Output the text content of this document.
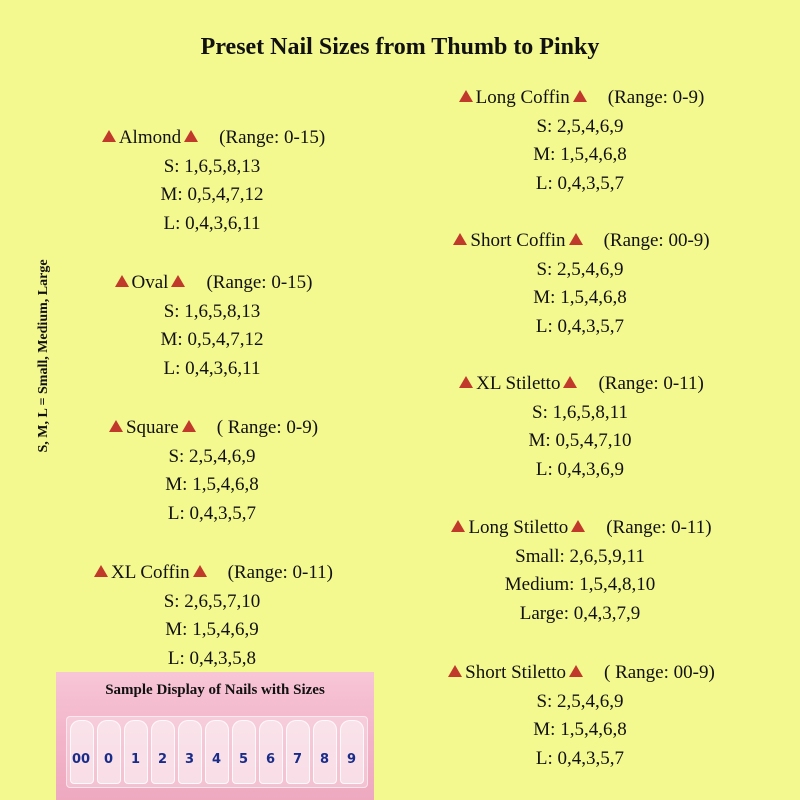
Preset Nail Sizes from Thumb to Pinky
S, M, L = Small, Medium, Large
Almond (Range: 0-15)
S: 1,6,5,8,13
M: 0,5,4,7,12
L: 0,4,3,6,11
Oval (Range: 0-15)
S: 1,6,5,8,13
M: 0,5,4,7,12
L: 0,4,3,6,11
Square ( Range: 0-9)
S: 2,5,4,6,9
M: 1,5,4,6,8
L: 0,4,3,5,7
XL Coffin (Range: 0-11)
S: 2,6,5,7,10
M: 1,5,4,6,9
L: 0,4,3,5,8
Long Coffin (Range: 0-9)
S: 2,5,4,6,9
M: 1,5,4,6,8
L: 0,4,3,5,7
Short Coffin (Range: 00-9)
S: 2,5,4,6,9
M: 1,5,4,6,8
L: 0,4,3,5,7
XL Stiletto (Range: 0-11)
S: 1,6,5,8,11
M: 0,5,4,7,10
L: 0,4,3,6,9
Long Stiletto (Range: 0-11)
Small: 2,6,5,9,11
Medium: 1,5,4,8,10
Large: 0,4,3,7,9
Short Stiletto ( Range: 00-9)
S: 2,5,4,6,9
M: 1,5,4,6,8
L: 0,4,3,5,7
Sample Display of Nails with Sizes
00 0 1 2 3 4 5 6 7 8 9
